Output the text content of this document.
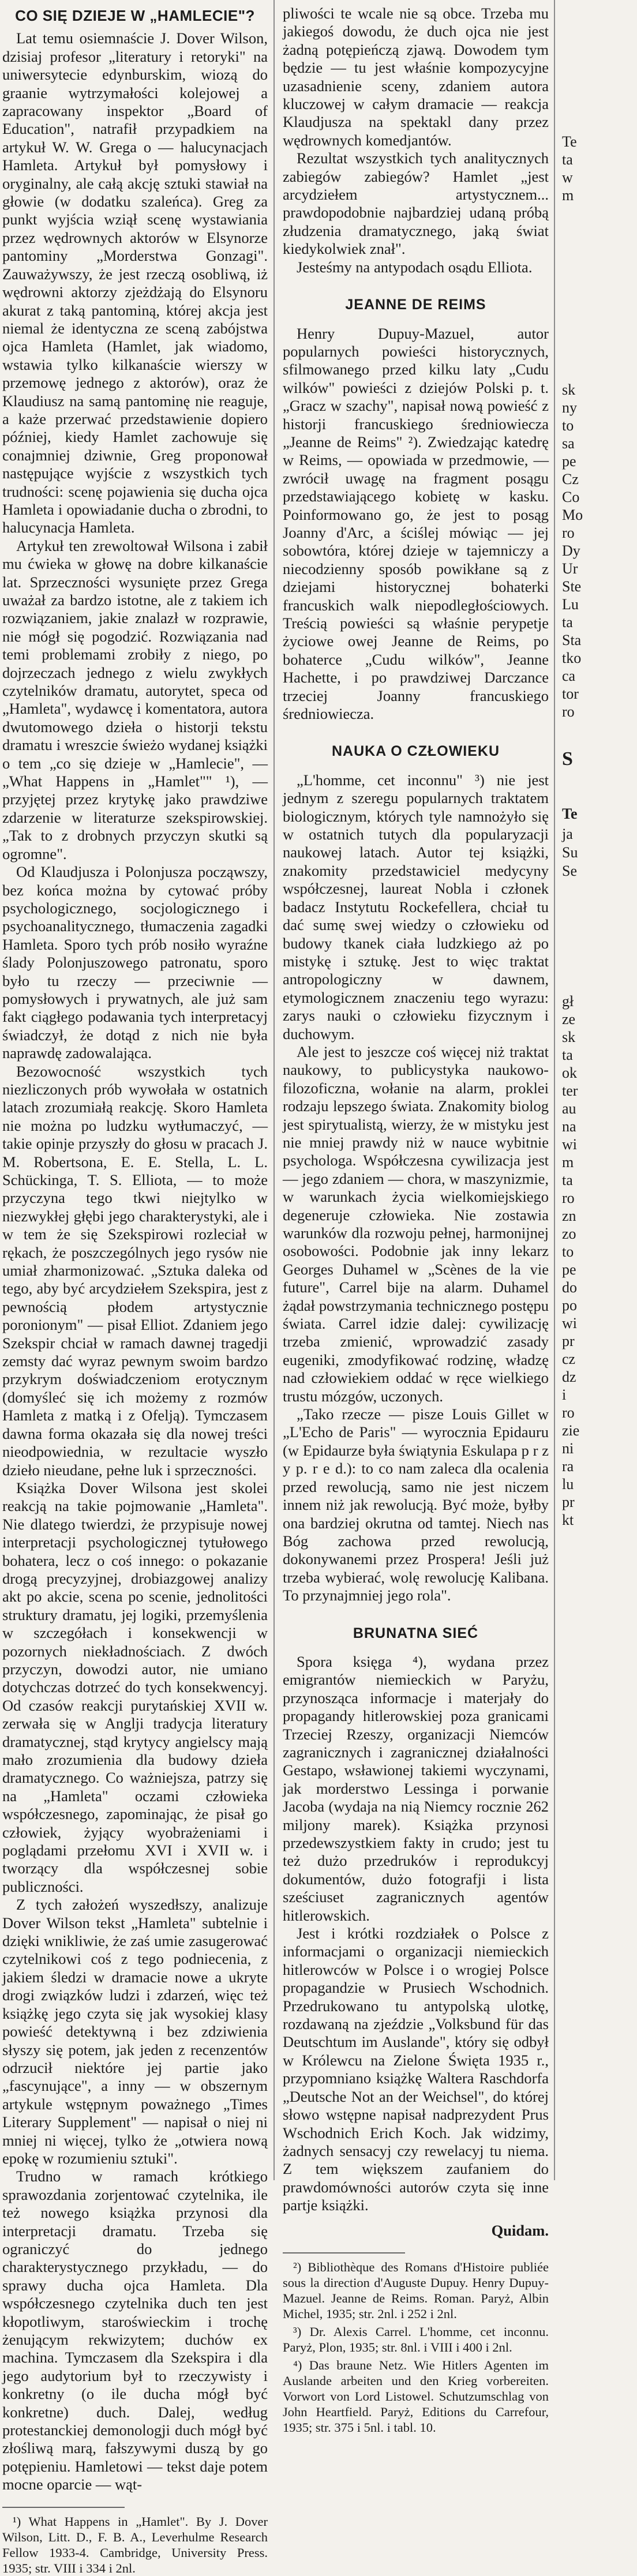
CO SIĘ DZIEJE W „HAMLECIE"?

Lat temu osiemnaście J. Dover Wilson, dzisiaj profesor „literatury i retoryki" na uniwersytecie edynburskim, wiozą do graanie wytrzymałości kolejowej a zapracowany inspektor „Board of Education", natrafił przypadkiem na artykuł W. W. Grega o — halucynacjach Hamleta. Artykuł był pomysłowy i oryginalny, ale całą akcję sztuki stawiał na głowie (w dodatku szaleńca). Greg za punkt wyjścia wziął scenę wystawiania przez wędrownych aktorów w Elsynorze pantominy „Morderstwa Gonzagi". Zauważywszy, że jest rzeczą osobliwą, iż wędrowni aktorzy zjeżdżają do Elsynoru akurat z taką pantominą, której akcja jest niemal że identyczna ze sceną zabójstwa ojca Hamleta (Hamlet, jak wiadomo, wstawia tylko kilkanaście wierszy w przemowę jednego z aktorów), oraz że Klaudiusz na samą pantominę nie reaguje, a każe przerwać przedstawienie dopiero później, kiedy Hamlet zachowuje się conajmniej dziwnie, Greg proponował następujące wyjście z wszystkich tych trudności: scenę pojawienia się ducha ojca Hamleta i opowiadanie ducha o zbrodni, to halucynacja Hamleta.

Artykuł ten zrewoltował Wilsona i zabił mu ćwieka w głowę na dobre kilkanaście lat. Sprzeczności wysunięte przez Grega uważał za bardzo istotne, ale z takiem ich rozwiązaniem, jakie znalazł w rozprawie, nie mógł się pogodzić. Rozwiązania nad temi problemami zrobiły z niego, po dojrzeczach jednego z wielu zwykłych czytelników dramatu, autorytet, speca od „Hamleta", wydawcę i komentatora, autora dwutomowego dzieła o historji tekstu dramatu i wreszcie świeżo wydanej książki o tem „co się dzieje w „Hamlecie", — „What Happens in „Hamlet"" ¹), — przyjętej przez krytykę jako prawdziwe zdarzenie w literaturze szekspirowskiej. „Tak to z drobnych przyczyn skutki są ogromne".

Od Klaudjusza i Polonjusza począwszy, bez końca można by cytować próby psychologicznego, socjologicznego i psychoanalitycznego, tłumaczenia zagadki Hamleta. Sporo tych prób nosiło wyraźne ślady Polonjuszowego patronatu, sporo było tu rzeczy — przeciwnie — pomysłowych i prywatnych, ale już sam fakt ciągłego podawania tych interpretacyj świadczył, że dotąd z nich nie była naprawdę zadowalająca.

Bezowocność wszystkich tych niezliczonych prób wywołała w ostatnich latach zrozumiałą reakcję. Skoro Hamleta nie można po ludzku wytłumaczyć, — takie opinje przyszły do głosu w pracach J. M. Robertsona, E. E. Stella, L. L. Schückinga, T. S. Elliota, — to może przyczyna tego tkwi niejtylko w niezwykłej głębi jego charakterystyki, ale i w tem że się Szekspirowi rozleciał w rękach, że poszczególnych jego rysów nie umiał zharmonizować. „Sztuka daleka od tego, aby być arcydziełem Szekspira, jest z pewnością płodem artystycznie poronionym" — pisał Elliot. Zdaniem jego Szekspir chciał w ramach dawnej tragedji zemsty dać wyraz pewnym swoim bardzo przykrym doświadczeniom erotycznym (domyśleć się ich możemy z rozmów Hamleta z matką i z Ofelją). Tymczasem dawna forma okazała się dla nowej treści nieodpowiednia, w rezultacie wyszło dzieło nieudane, pełne luk i sprzeczności.

Książka Dover Wilsona jest skolei reakcją na takie pojmowanie „Hamleta". Nie dlatego twierdzi, że przypisuje nowej interpretacji psychologicznej tytułowego bohatera, lecz o coś innego: o pokazanie drogą precyzyjnej, drobiazgowej analizy akt po akcie, scena po scenie, jednolitości struktury dramatu, jej logiki, przemyślenia w szczegółach i konsekwencji w pozornych niekładnościach. Z dwóch przyczyn, dowodzi autor, nie umiano dotychczas dotrzeć do tych konsekwencyj. Od czasów reakcji purytańskiej XVII w. zerwała się w Anglji tradycja literatury dramatycznej, stąd krytycy angielscy mają mało zrozumienia dla budowy dzieła dramatycznego. Co ważniejsza, patrzy się na „Hamleta" oczami człowieka współczesnego, zapominając, że pisał go człowiek, żyjący wyobrażeniami i poglądami przełomu XVI i XVII w. i tworzący dla współczesnej sobie publiczności.

Z tych założeń wyszedłszy, analizuje Dover Wilson tekst „Hamleta" subtelnie i dzięki wnikliwie, że zaś umie zasugerować czytelnikowi coś z tego podniecenia, z jakiem śledzi w dramacie nowe a ukryte drogi związków ludzi i zdarzeń, więc też książkę jego czyta się jak wysokiej klasy powieść detektywną i bez zdziwienia słyszy się potem, jak jeden z recenzentów odrzucił niektóre jej partie jako „fascynujące", a inny — w obszernym artykule wstępnym poważnego „Times Literary Supplement" — napisał o niej ni mniej ni więcej, tylko że „otwiera nową epokę w rozumieniu sztuki".

Trudno w ramach krótkiego sprawozdania zorjentować czytelnika, ile też nowego książka przynosi dla interpretacji dramatu. Trzeba się ograniczyć do jednego charakterystycznego przykładu, — do sprawy ducha ojca Hamleta. Dla współczesnego czytelnika duch ten jest kłopotliwym, staroświeckim i trochę żenującym rekwizytem; duchów ex machina. Tymczasem dla Szekspira i dla jego audytorium był to rzeczywisty i konkretny (o ile ducha mógł być konkretne) duch. Dalej, według protestanckiej demonologji duch mógł być złośliwą marą, fałszywymi duszą by go potępieniu. Hamletowi — tekst daje potem mocne oparcie — wąt-

¹) What Happens in „Hamlet". By J. Dover Wilson, Litt. D., F. B. A., Leverhulme Research Fellow 1933-4. Cambridge, University Press. 1935; str. VIII i 334 i 2nl.

pliwości te wcale nie są obce. Trzeba mu jakiegoś dowodu, że duch ojca nie jest żadną potępieńczą zjawą. Dowodem tym będzie — tu jest właśnie kompozycyjne uzasadnienie sceny, zdaniem autora kluczowej w całym dramacie — reakcja Klaudjusza na spektakl dany przez wędrownych komedjantów.

Rezultat wszystkich tych analitycznych zabiegów zabiegów? Hamlet „jest arcydziełem artystycznem... prawdopodobnie najbardziej udaną próbą złudzenia dramatycznego, jaką świat kiedykolwiek znał".

Jesteśmy na antypodach osądu Elliota.

JEANNE DE REIMS

Henry Dupuy-Mazuel, autor popularnych powieści historycznych, sfilmowanego przed kilku laty „Cudu wilków" powieści z dziejów Polski p. t. „Gracz w szachy", napisał nową powieść z historji francuskiego średniowiecza „Jeanne de Reims" ²). Zwiedzając katedrę w Reims, — opowiada w przedmowie, — zwrócił uwagę na fragment posągu przedstawiającego kobietę w kasku. Poinformowano go, że jest to posąg Joanny d'Arc, a ściślej mówiąc — jej sobowtóra, której dzieje w tajemniczy a niecodzienny sposób powikłane są z dziejami historycznej bohaterki francuskich walk niepodległościowych. Treścią powieści są właśnie perypetje życiowe owej Jeanne de Reims, po bohaterce „Cudu wilków", Jeanne Hachette, i po prawdziwej Darczance trzeciej Joanny francuskiego średniowiecza.

NAUKA O CZŁOWIEKU

„L'homme, cet inconnu" ³) nie jest jednym z szeregu popularnych traktatem biologicznym, których tyle namnożyło się w ostatnich tutych dla popularyzacji naukowej latach. Autor tej książki, znakomity przedstawiciel medycyny współczesnej, laureat Nobla i członek badacz Instytutu Rockefellera, chciał tu dać sumę swej wiedzy o człowieku od budowy tkanek ciała ludzkiego aż po mistykę i sztukę. Jest to więc traktat antropologiczny w dawnem, etymologicznem znaczeniu tego wyrazu: zarys nauki o człowieku fizycznym i duchowym.

Ale jest to jeszcze coś więcej niż traktat naukowy, to publicystyka naukowo-filozoficzna, wołanie na alarm, proklei rodzaju lepszego świata. Znakomity biolog jest spirytualistą, wierzy, że w mistyku jest nie mniej prawdy niż w nauce wybitnie psychologa. Współczesna cywilizacja jest — jego zdaniem — chora, w maszynizmie, w warunkach życia wielkomiejskiego degeneruje człowieka. Nie zostawia warunków dla rozwoju pełnej, harmonijnej osobowości. Podobnie jak inny lekarz Georges Duhamel w „Scènes de la vie future", Carrel bije na alarm. Duhamel żądał powstrzymania technicznego postępu świata. Carrel idzie dalej: cywilizację trzeba zmienić, wprowadzić zasady eugeniki, zmodyfikować rodzinę, władzę nad człowiekiem oddać w ręce wielkiego trustu mózgów, uczonych.

„Tako rzecze — pisze Louis Gillet w „L'Echo de Paris" — wyrocznia Epidauru (w Epidaurze była świątynia Eskulapa p r z y p. r e d.): to co nam zaleca dla ocalenia przed rewolucją, samo nie jest niczem innem niż jak rewolucją. Być może, byłby ona bardziej okrutna od tamtej. Niech nas Bóg zachowa przed rewolucją, dokonywanemi przez Prospera! Jeśli już trzeba wybierać, wolę rewolucję Kalibana. To przynajmniej jego rola".

BRUNATNA SIEĆ

Spora księga ⁴), wydana przez emigrantów niemieckich w Paryżu, przynosząca informacje i materjały do propagandy hitlerowskiej poza granicami Trzeciej Rzeszy, organizacji Niemców zagranicznych i zagranicznej działalności Gestapo, wsławionej takiemi wyczynami, jak morderstwo Lessinga i porwanie Jacoba (wydaja na nią Niemcy rocznie 262 miljony marek). Książka przynosi przedewszystkiem fakty in crudo; jest tu też dużo przedruków i reprodukcyj dokumentów, dużo fotografji i lista sześciuset zagranicznych agentów hitlerowskich.

Jest i krótki rozdziałek o Polsce z informacjami o organizacji niemieckich hitlerowców w Polsce i o wrogiej Polsce propagandzie w Prusiech Wschodnich. Przedrukowano tu antypolską ulotkę, rozdawaną na zjeździe „Volksbund für das Deutschtum im Auslande", który się odbył w Królewcu na Zielone Święta 1935 r., przypomniano książkę Waltera Raschdorfa „Deutsche Not an der Weichsel", do której słowo wstępne napisał nadprezydent Prus Wschodnich Erich Koch. Jak widzimy, żadnych sensacyj czy rewelacyj tu niema. Z tem większem zaufaniem do prawdomówności autorów czyta się inne partje książki.

Quidam.

²) Bibliothèque des Romans d'Histoire publiée sous la direction d'Auguste Dupuy. Henry Dupuy-Mazuel. Jeanne de Reims. Roman. Paryż, Albin Michel, 1935; str. 2nl. i 252 i 2nl.

³) Dr. Alexis Carrel. L'homme, cet inconnu. Paryż, Plon, 1935; str. 8nl. i VIII i 400 i 2nl.

⁴) Das braune Netz. Wie Hitlers Agenten im Auslande arbeiten und den Krieg vorbereiten. Vorwort von Lord Listowel. Schutzumschlag von John Heartfield. Paryż, Editions du Carrefour, 1935; str. 375 i 5nl. i tabl. 10.

Te
ta
w
m
sk
ny
to
sa
pe
Cz
Co
Mo
ro
Dy
Ur
Ste
Lu
ta
Sta
tko
ca
tor
ro
S
Te
ja
Su
Se
gł
ze
sk
ta
ok
ter
au
na
wi
m
ta
ro
zn
zo
to
pe
do
po
wi
pr
cz
dz
i
ro
zie
ni
ra
lu
pr
kt
